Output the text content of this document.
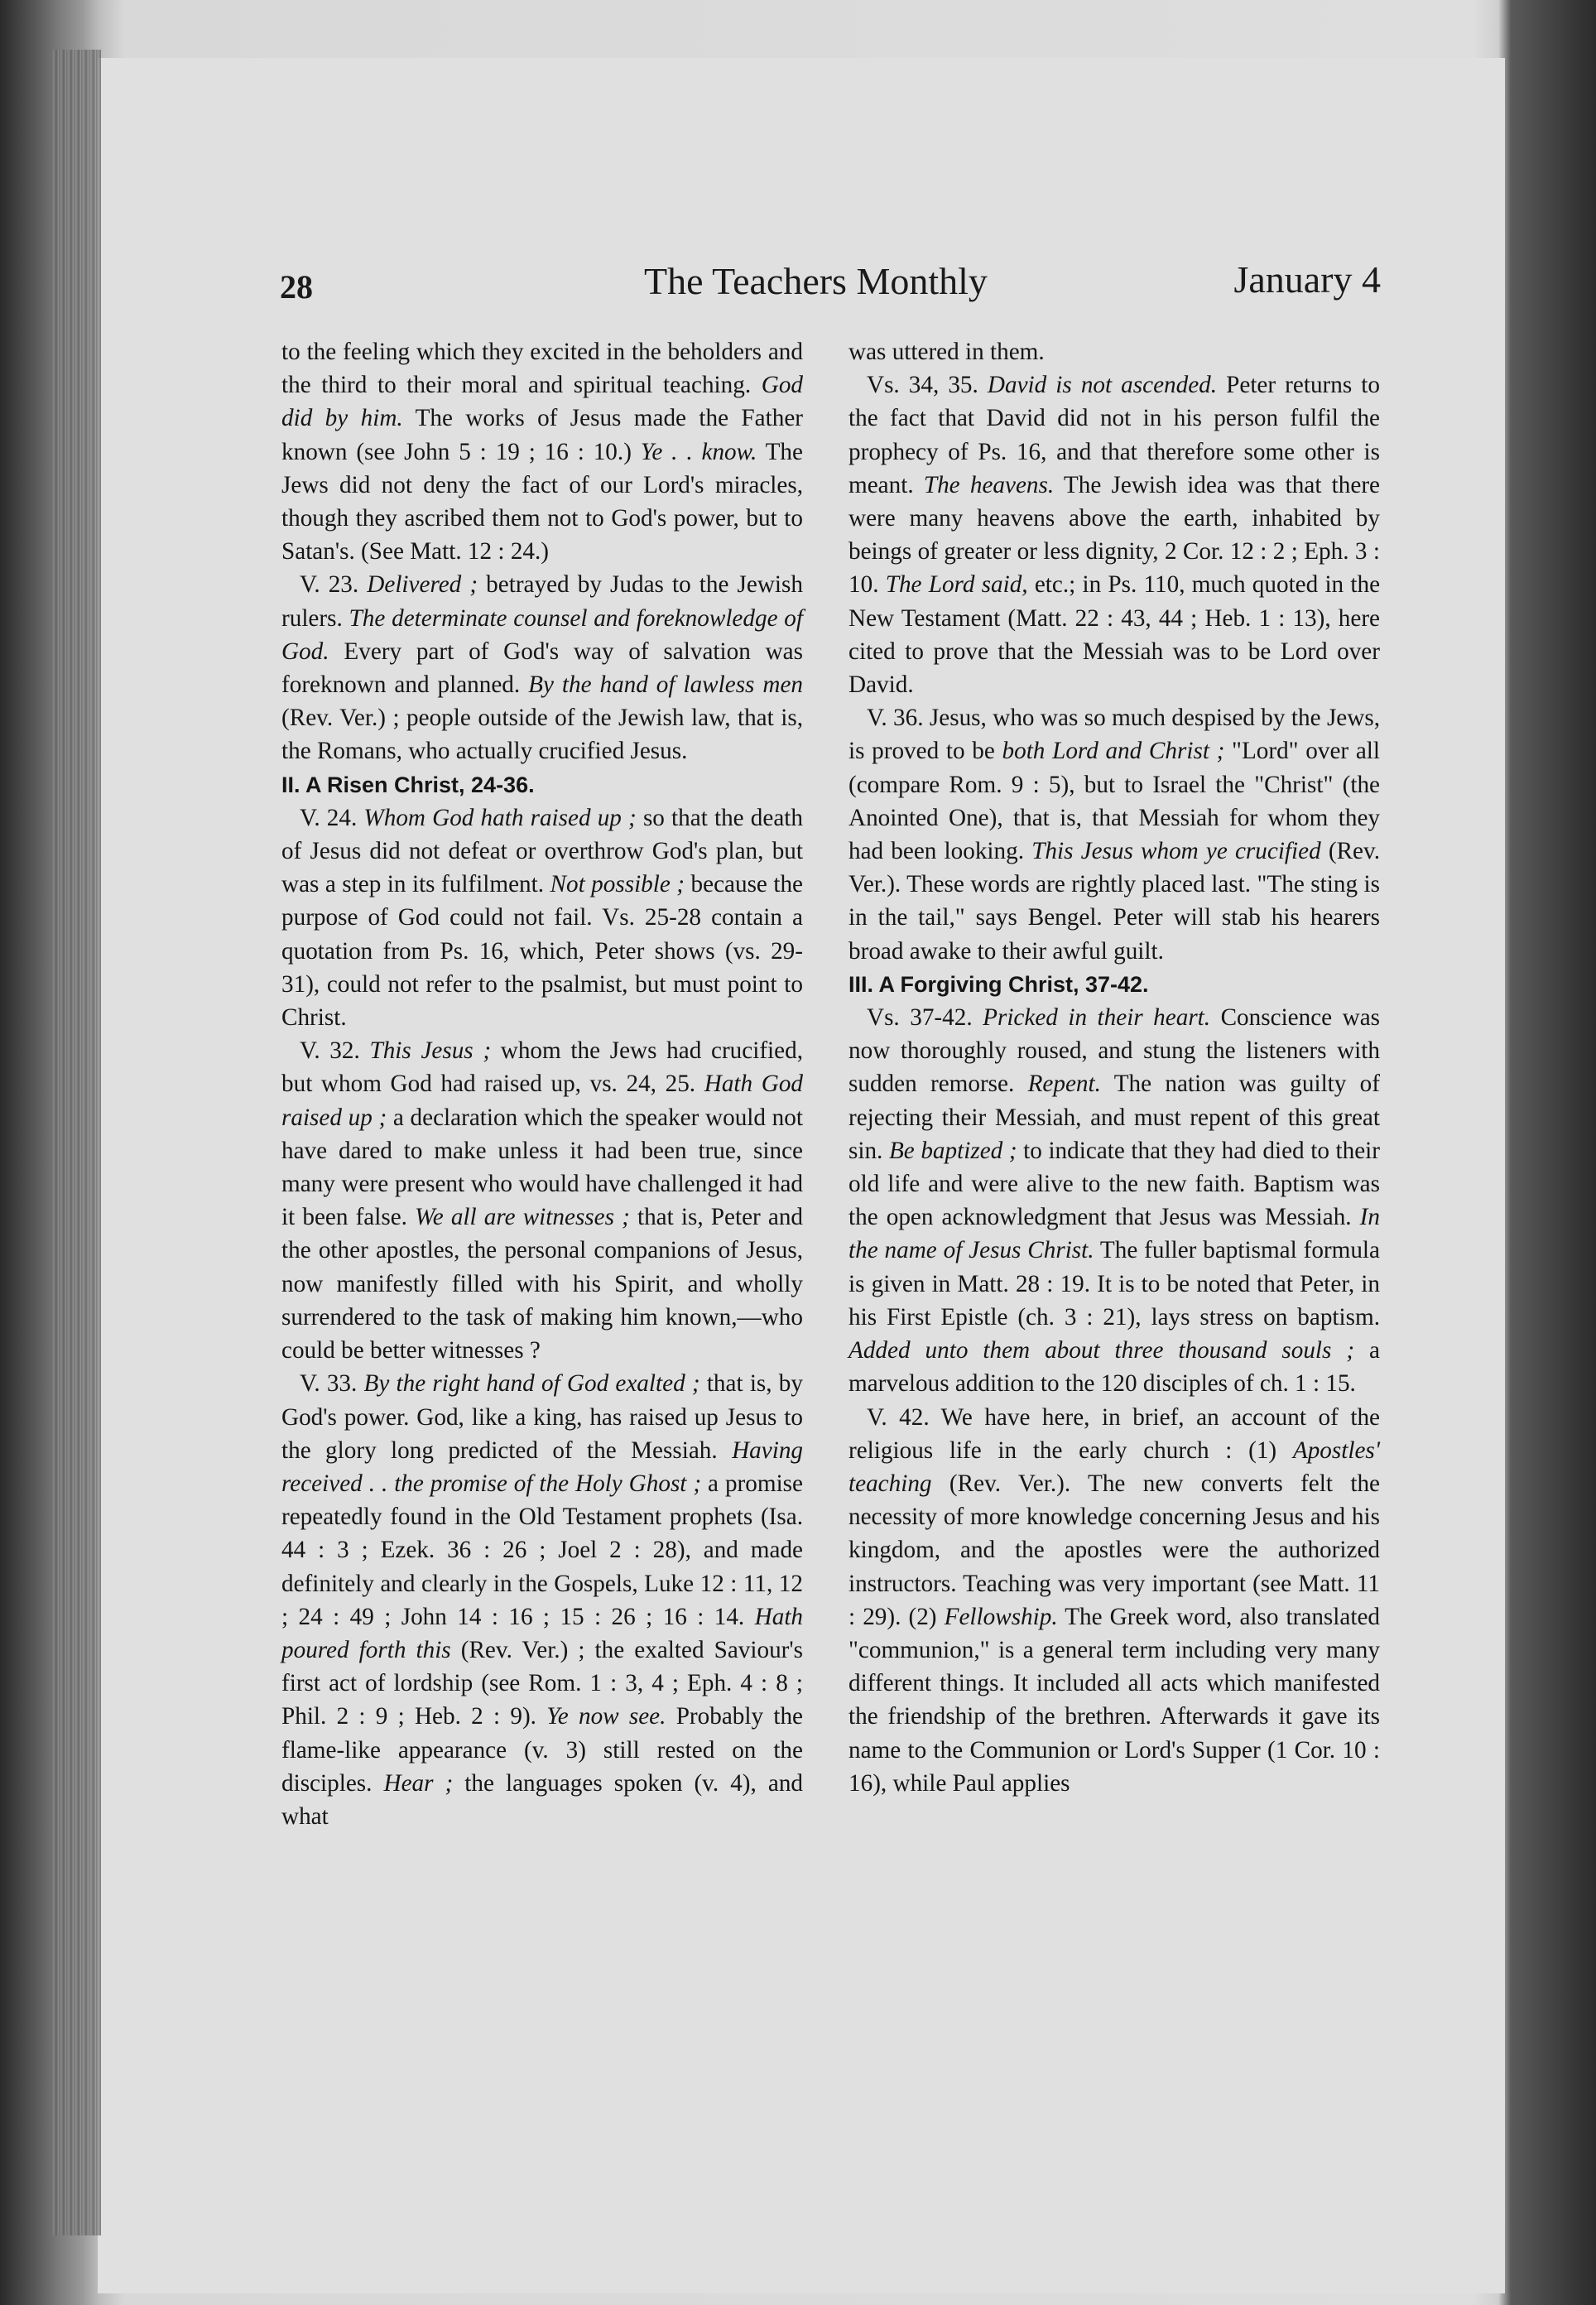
28	The Teachers Monthly	January 4

to the feeling which they excited in the beholders and the third to their moral and spiritual teaching. God did by him. The works of Jesus made the Father known (see John 5 : 19 ; 16 : 10.) Ye . . know. The Jews did not deny the fact of our Lord's miracles, though they ascribed them not to God's power, but to Satan's. (See Matt. 12 : 24.)

V. 23. Delivered ; betrayed by Judas to the Jewish rulers. The determinate counsel and foreknowledge of God. Every part of God's way of salvation was foreknown and planned. By the hand of lawless men (Rev. Ver.) ; people outside of the Jewish law, that is, the Romans, who actually crucified Jesus.

II. A Risen Christ, 24-36.

V. 24. Whom God hath raised up ; so that the death of Jesus did not defeat or overthrow God's plan, but was a step in its fulfilment. Not possible ; because the purpose of God could not fail. Vs. 25-28 contain a quotation from Ps. 16, which, Peter shows (vs. 29-31), could not refer to the psalmist, but must point to Christ.

V. 32. This Jesus ; whom the Jews had crucified, but whom God had raised up, vs. 24, 25. Hath God raised up ; a declaration which the speaker would not have dared to make unless it had been true, since many were present who would have challenged it had it been false. We all are witnesses ; that is, Peter and the other apostles, the personal companions of Jesus, now manifestly filled with his Spirit, and wholly surrendered to the task of making him known,—who could be better witnesses ?

V. 33. By the right hand of God exalted ; that is, by God's power. God, like a king, has raised up Jesus to the glory long predicted of the Messiah. Having received . . the promise of the Holy Ghost ; a promise repeatedly found in the Old Testament prophets (Isa. 44 : 3 ; Ezek. 36 : 26 ; Joel 2 : 28), and made definitely and clearly in the Gospels, Luke 12 : 11, 12 ; 24 : 49 ; John 14 : 16 ; 15 : 26 ; 16 : 14. Hath poured forth this (Rev. Ver.) ; the exalted Saviour's first act of lordship (see Rom. 1 : 3, 4 ; Eph. 4 : 8 ; Phil. 2 : 9 ; Heb. 2 : 9). Ye now see. Probably the flame-like appearance (v. 3) still rested on the disciples. Hear ; the languages spoken (v. 4), and what

was uttered in them.

Vs. 34, 35. David is not ascended. Peter returns to the fact that David did not in his person fulfil the prophecy of Ps. 16, and that therefore some other is meant. The heavens. The Jewish idea was that there were many heavens above the earth, inhabited by beings of greater or less dignity, 2 Cor. 12 : 2 ; Eph. 3 : 10. The Lord said, etc.; in Ps. 110, much quoted in the New Testament (Matt. 22 : 43, 44 ; Heb. 1 : 13), here cited to prove that the Messiah was to be Lord over David.

V. 36. Jesus, who was so much despised by the Jews, is proved to be both Lord and Christ ; "Lord" over all (compare Rom. 9 : 5), but to Israel the "Christ" (the Anointed One), that is, that Messiah for whom they had been looking. This Jesus whom ye crucified (Rev. Ver.). These words are rightly placed last. "The sting is in the tail," says Bengel. Peter will stab his hearers broad awake to their awful guilt.

III. A Forgiving Christ, 37-42.

Vs. 37-42. Pricked in their heart. Conscience was now thoroughly roused, and stung the listeners with sudden remorse. Repent. The nation was guilty of rejecting their Messiah, and must repent of this great sin. Be baptized ; to indicate that they had died to their old life and were alive to the new faith. Baptism was the open acknowledgment that Jesus was Messiah. In the name of Jesus Christ. The fuller baptismal formula is given in Matt. 28 : 19. It is to be noted that Peter, in his First Epistle (ch. 3 : 21), lays stress on baptism. Added unto them about three thousand souls ; a marvelous addition to the 120 disciples of ch. 1 : 15.

V. 42. We have here, in brief, an account of the religious life in the early church : (1) Apostles' teaching (Rev. Ver.). The new converts felt the necessity of more knowledge concerning Jesus and his kingdom, and the apostles were the authorized instructors. Teaching was very important (see Matt. 11 : 29). (2) Fellowship. The Greek word, also translated "communion," is a general term including very many different things. It included all acts which manifested the friendship of the brethren. Afterwards it gave its name to the Communion or Lord's Supper (1 Cor. 10 : 16), while Paul applies
